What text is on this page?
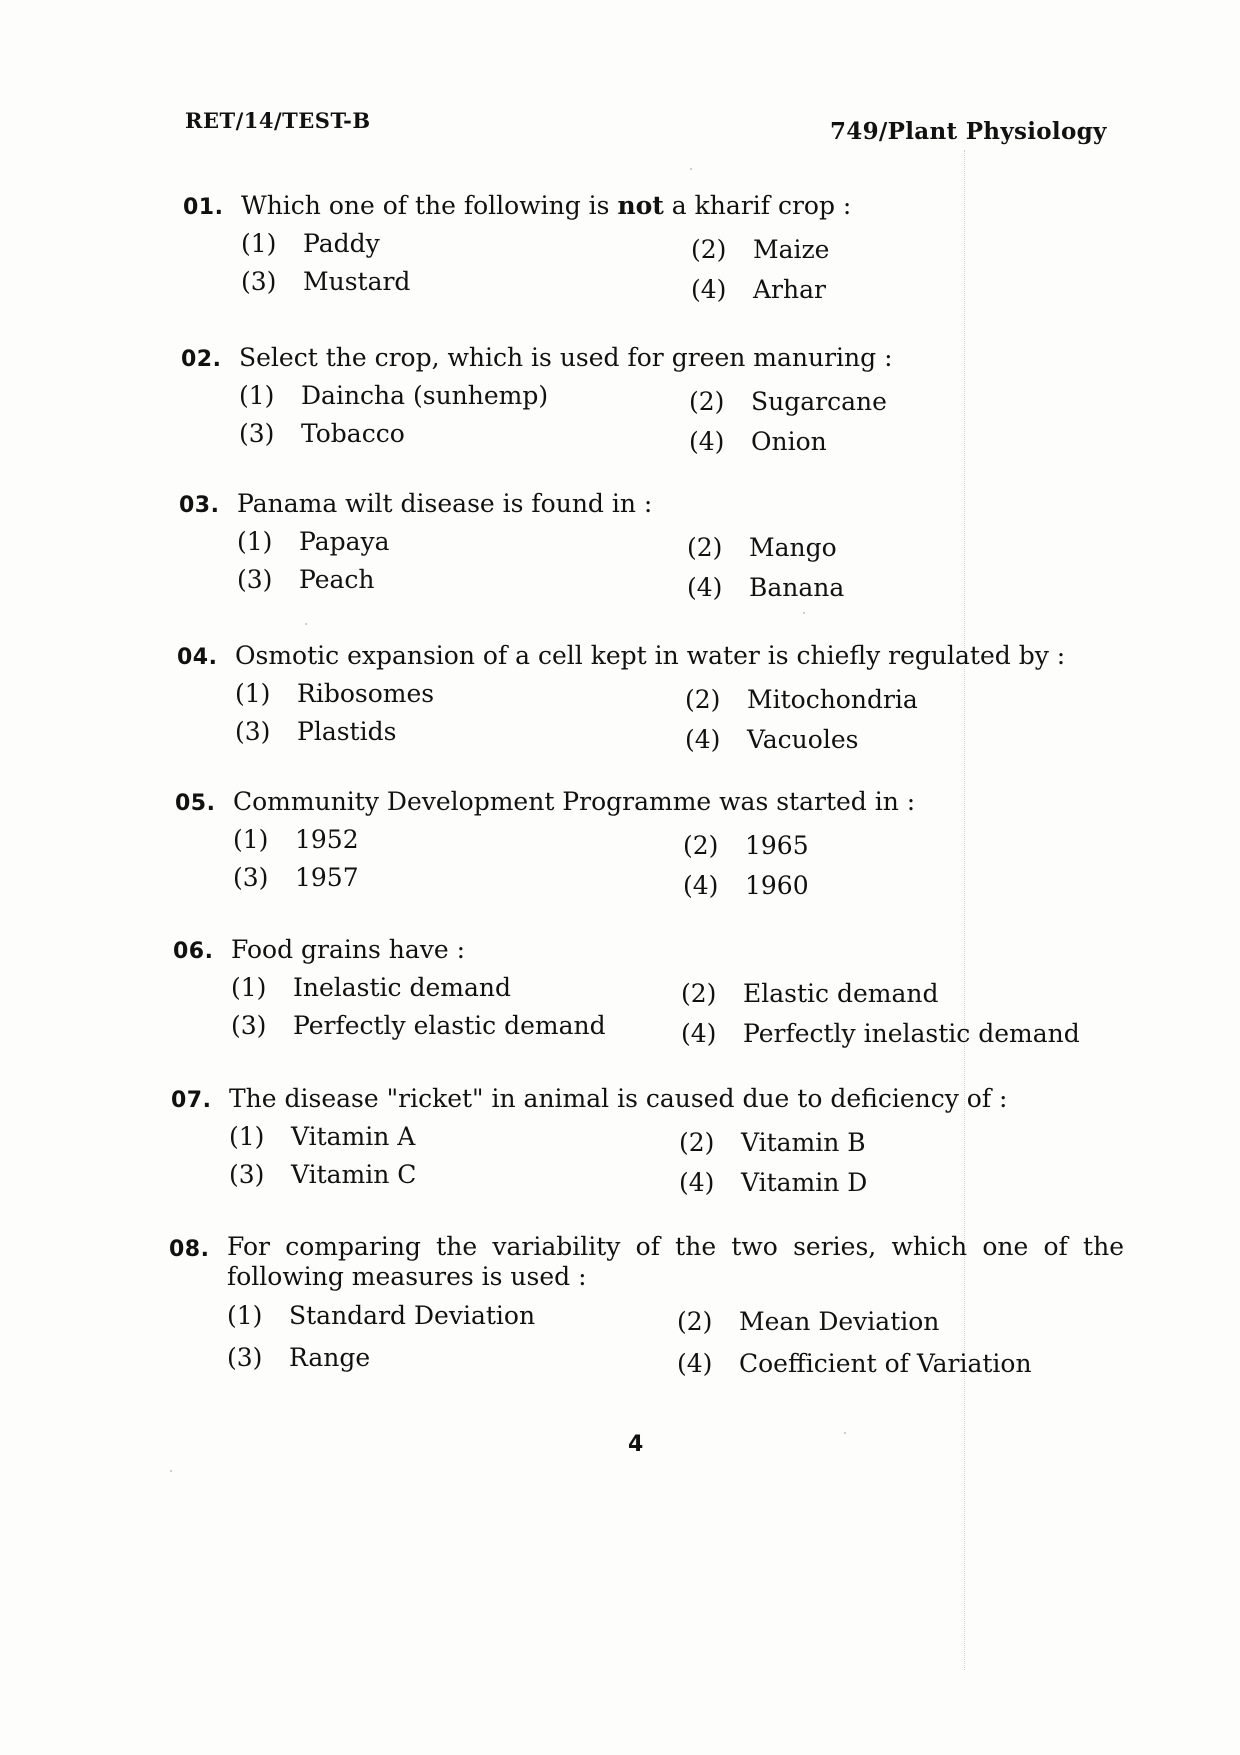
RET/14/TEST-B	749/Plant Physiology
01. Which one of the following is not a kharif crop :
(1)	Paddy	(2)	Maize
(3)	Mustard	(4)	Arhar
02. Select the crop, which is used for green manuring :
(1)	Daincha (sunhemp)	(2)	Sugarcane
(3)	Tobacco	(4)	Onion
03. Panama wilt disease is found in :
(1)	Papaya	(2)	Mango
(3)	Peach	(4)	Banana
04. Osmotic expansion of a cell kept in water is chiefly regulated by :
(1)	Ribosomes	(2)	Mitochondria
(3)	Plastids	(4)	Vacuoles
05. Community Development Programme was started in :
(1)	1952	(2)	1965
(3)	1957	(4)	1960
06. Food grains have :
(1)	Inelastic demand	(2)	Elastic demand
(3)	Perfectly elastic demand	(4)	Perfectly inelastic demand
07. The disease "ricket" in animal is caused due to deficiency of :
(1)	Vitamin A	(2)	Vitamin B
(3)	Vitamin C	(4)	Vitamin D
08. For comparing the variability of the two series, which one of the following measures is used :
(1)	Standard Deviation	(2)	Mean Deviation
(3)	Range	(4)	Coefficient of Variation
4
